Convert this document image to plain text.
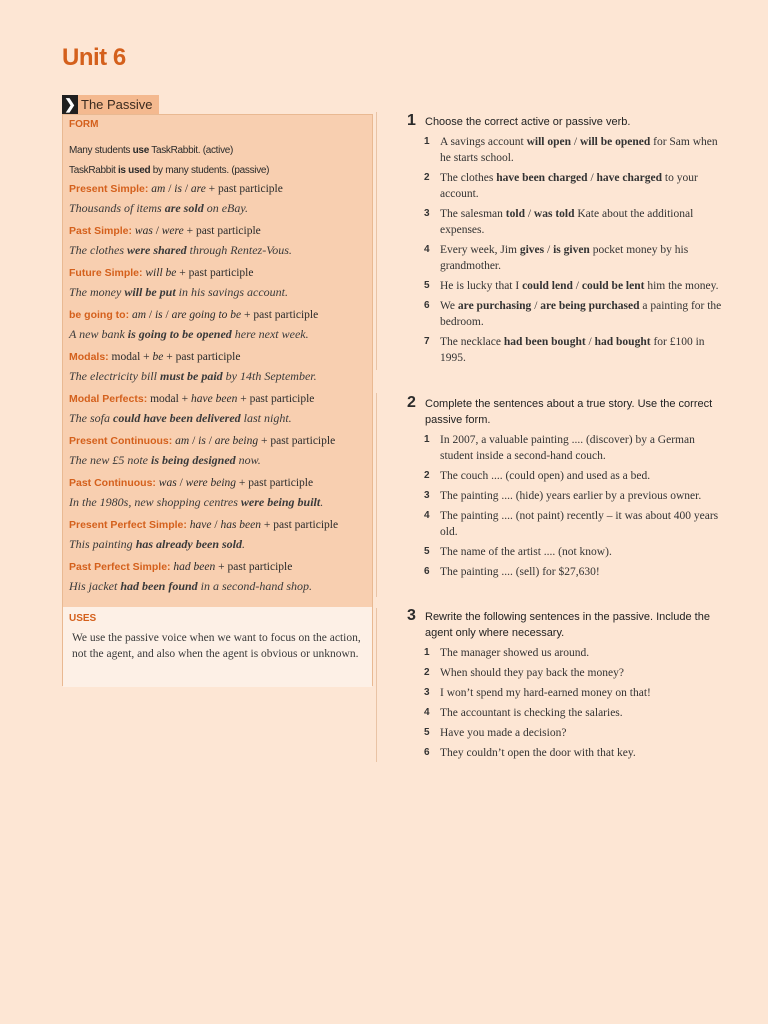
Unit 6
❯ The Passive
FORM
Many students use TaskRabbit. (active)
TaskRabbit is used by many students. (passive)
Present Simple: am / is / are + past participle
Thousands of items are sold on eBay.
Past Simple: was / were + past participle
The clothes were shared through Rentez-Vous.
Future Simple: will be + past participle
The money will be put in his savings account.
be going to: am / is / are going to be + past participle
A new bank is going to be opened here next week.
Modals: modal + be + past participle
The electricity bill must be paid by 14th September.
Modal Perfects: modal + have been + past participle
The sofa could have been delivered last night.
Present Continuous: am / is / are being + past participle
The new £5 note is being designed now.
Past Continuous: was / were being + past participle
In the 1980s, new shopping centres were being built.
Present Perfect Simple: have / has been + past participle
This painting has already been sold.
Past Perfect Simple: had been + past participle
His jacket had been found in a second-hand shop.
USES
We use the passive voice when we want to focus on the action, not the agent, and also when the agent is obvious or unknown.
1 Choose the correct active or passive verb.
1 A savings account will open / will be opened for Sam when he starts school.
2 The clothes have been charged / have charged to your account.
3 The salesman told / was told Kate about the additional expenses.
4 Every week, Jim gives / is given pocket money by his grandmother.
5 He is lucky that I could lend / could be lent him the money.
6 We are purchasing / are being purchased a painting for the bedroom.
7 The necklace had been bought / had bought for £100 in 1995.
2 Complete the sentences about a true story. Use the correct passive form.
1 In 2007, a valuable painting .... (discover) by a German student inside a second-hand couch.
2 The couch .... (could open) and used as a bed.
3 The painting .... (hide) years earlier by a previous owner.
4 The painting .... (not paint) recently – it was about 400 years old.
5 The name of the artist .... (not know).
6 The painting .... (sell) for $27,630!
3 Rewrite the following sentences in the passive. Include the agent only where necessary.
1 The manager showed us around.
2 When should they pay back the money?
3 I won’t spend my hard-earned money on that!
4 The accountant is checking the salaries.
5 Have you made a decision?
6 They couldn’t open the door with that key.
